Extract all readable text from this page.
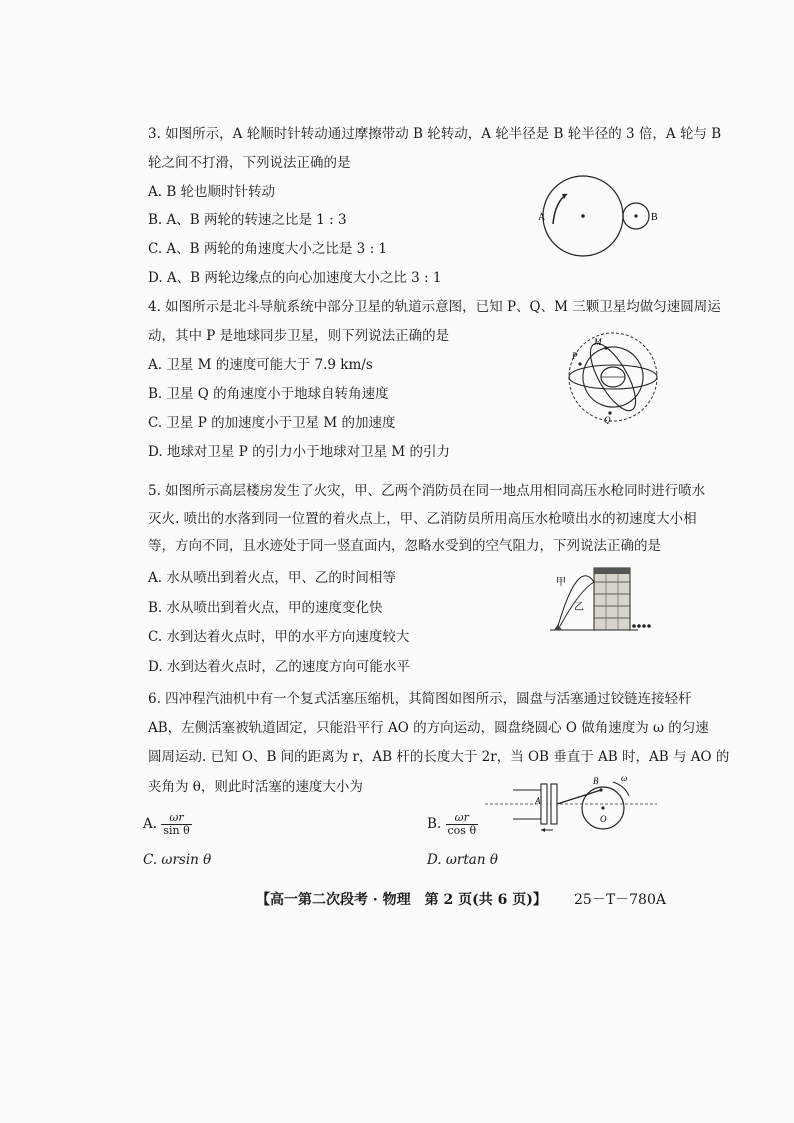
3. 如图所示，A 轮顺时针转动通过摩擦带动 B 轮转动，A 轮半径是 B 轮半径的 3 倍，A 轮与 B
轮之间不打滑，下列说法正确的是
A. B 轮也顺时针转动
B. A、B 两轮的转速之比是 1 : 3
C. A、B 两轮的角速度大小之比是 3 : 1
D. A、B 两轮边缘点的向心加速度大小之比 3 : 1
A	B
4. 如图所示是北斗导航系统中部分卫星的轨道示意图，已知 P、Q、M 三颗卫星均做匀速圆周运
动，其中 P 是地球同步卫星，则下列说法正确的是
A. 卫星 M 的速度可能大于 7.9 km/s
B. 卫星 Q 的角速度小于地球自转角速度
C. 卫星 P 的加速度小于卫星 M 的加速度
D. 地球对卫星 P 的引力小于地球对卫星 M 的引力
P
M
Q
5. 如图所示高层楼房发生了火灾，甲、乙两个消防员在同一地点用相同高压水枪同时进行喷水
灭火. 喷出的水落到同一位置的着火点上，甲、乙消防员所用高压水枪喷出水的初速度大小相
等，方向不同，且水迹处于同一竖直面内，忽略水受到的空气阻力，下列说法正确的是
A. 水从喷出到着火点，甲、乙的时间相等
B. 水从喷出到着火点，甲的速度变化快
C. 水到达着火点时，甲的水平方向速度较大
D. 水到达着火点时，乙的速度方向可能水平
甲
乙
6. 四冲程汽油机中有一个复式活塞压缩机，其简图如图所示，圆盘与活塞通过铰链连接轻杆
AB，左侧活塞被轨道固定，只能沿平行 AO 的方向运动，圆盘绕圆心 O 做角速度为 ω 的匀速
圆周运动. 已知 O、B 间的距离为 r，AB 杆的长度大于 2r，当 OB 垂直于 AB 时，AB 与 AO 的
夹角为 θ，则此时活塞的速度大小为
A. $\frac{\omega r}{\text{sin θ}}$	B. $\frac{\omega r}{\text{cos θ}}$
C. ωrsin θ	D. ωrtan θ
A
B
O
ω
【高一第二次段考 · 物理　第 2 页(共 6 页)】 25－T－780A
